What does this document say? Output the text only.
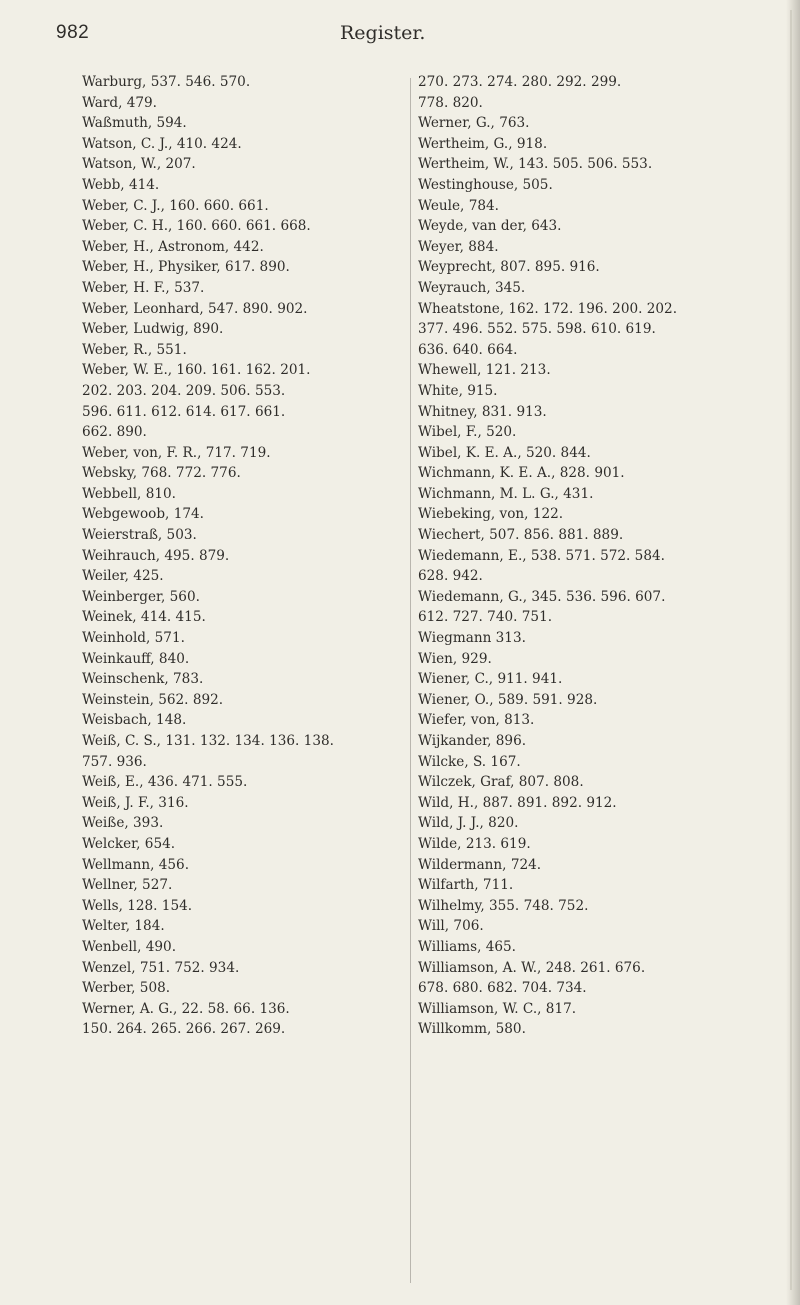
982	Register.
Warburg, 537. 546. 570.
Ward, 479.
Waßmuth, 594.
Watson, C. J., 410. 424.
Watson, W., 207.
Webb, 414.
Weber, C. J., 160. 660. 661.
Weber, C. H., 160. 660. 661. 668.
Weber, H., Astronom, 442.
Weber, H., Physiker, 617. 890.
Weber, H. F., 537.
Weber, Leonhard, 547. 890. 902.
Weber, Ludwig, 890.
Weber, R., 551.
Weber, W. E., 160. 161. 162. 201.
202. 203. 204. 209. 506. 553.
596. 611. 612. 614. 617. 661.
662. 890.
Weber, von, F. R., 717. 719.
Websky, 768. 772. 776.
Webbell, 810.
Webgewoob, 174.
Weierstraß, 503.
Weihrauch, 495. 879.
Weiler, 425.
Weinberger, 560.
Weinek, 414. 415.
Weinhold, 571.
Weinkauff, 840.
Weinschenk, 783.
Weinstein, 562. 892.
Weisbach, 148.
Weiß, C. S., 131. 132. 134. 136. 138.
757. 936.
Weiß, E., 436. 471. 555.
Weiß, J. F., 316.
Weiße, 393.
Welcker, 654.
Wellmann, 456.
Wellner, 527.
Wells, 128. 154.
Welter, 184.
Wenbell, 490.
Wenzel, 751. 752. 934.
Werber, 508.
Werner, A. G., 22. 58. 66. 136.
150. 264. 265. 266. 267. 269.
270. 273. 274. 280. 292. 299.
778. 820.
Werner, G., 763.
Wertheim, G., 918.
Wertheim, W., 143. 505. 506. 553.
Westinghouse, 505.
Weule, 784.
Weyde, van der, 643.
Weyer, 884.
Weyprecht, 807. 895. 916.
Weyrauch, 345.
Wheatstone, 162. 172. 196. 200. 202.
377. 496. 552. 575. 598. 610. 619.
636. 640. 664.
Whewell, 121. 213.
White, 915.
Whitney, 831. 913.
Wibel, F., 520.
Wibel, K. E. A., 520. 844.
Wichmann, K. E. A., 828. 901.
Wichmann, M. L. G., 431.
Wiebeking, von, 122.
Wiechert, 507. 856. 881. 889.
Wiedemann, E., 538. 571. 572. 584.
628. 942.
Wiedemann, G., 345. 536. 596. 607.
612. 727. 740. 751.
Wiegmann 313.
Wien, 929.
Wiener, C., 911. 941.
Wiener, O., 589. 591. 928.
Wiefer, von, 813.
Wijkander, 896.
Wilcke, S. 167.
Wilczek, Graf, 807. 808.
Wild, H., 887. 891. 892. 912.
Wild, J. J., 820.
Wilde, 213. 619.
Wildermann, 724.
Wilfarth, 711.
Wilhelmy, 355. 748. 752.
Will, 706.
Williams, 465.
Williamson, A. W., 248. 261. 676.
678. 680. 682. 704. 734.
Williamson, W. C., 817.
Willkomm, 580.
